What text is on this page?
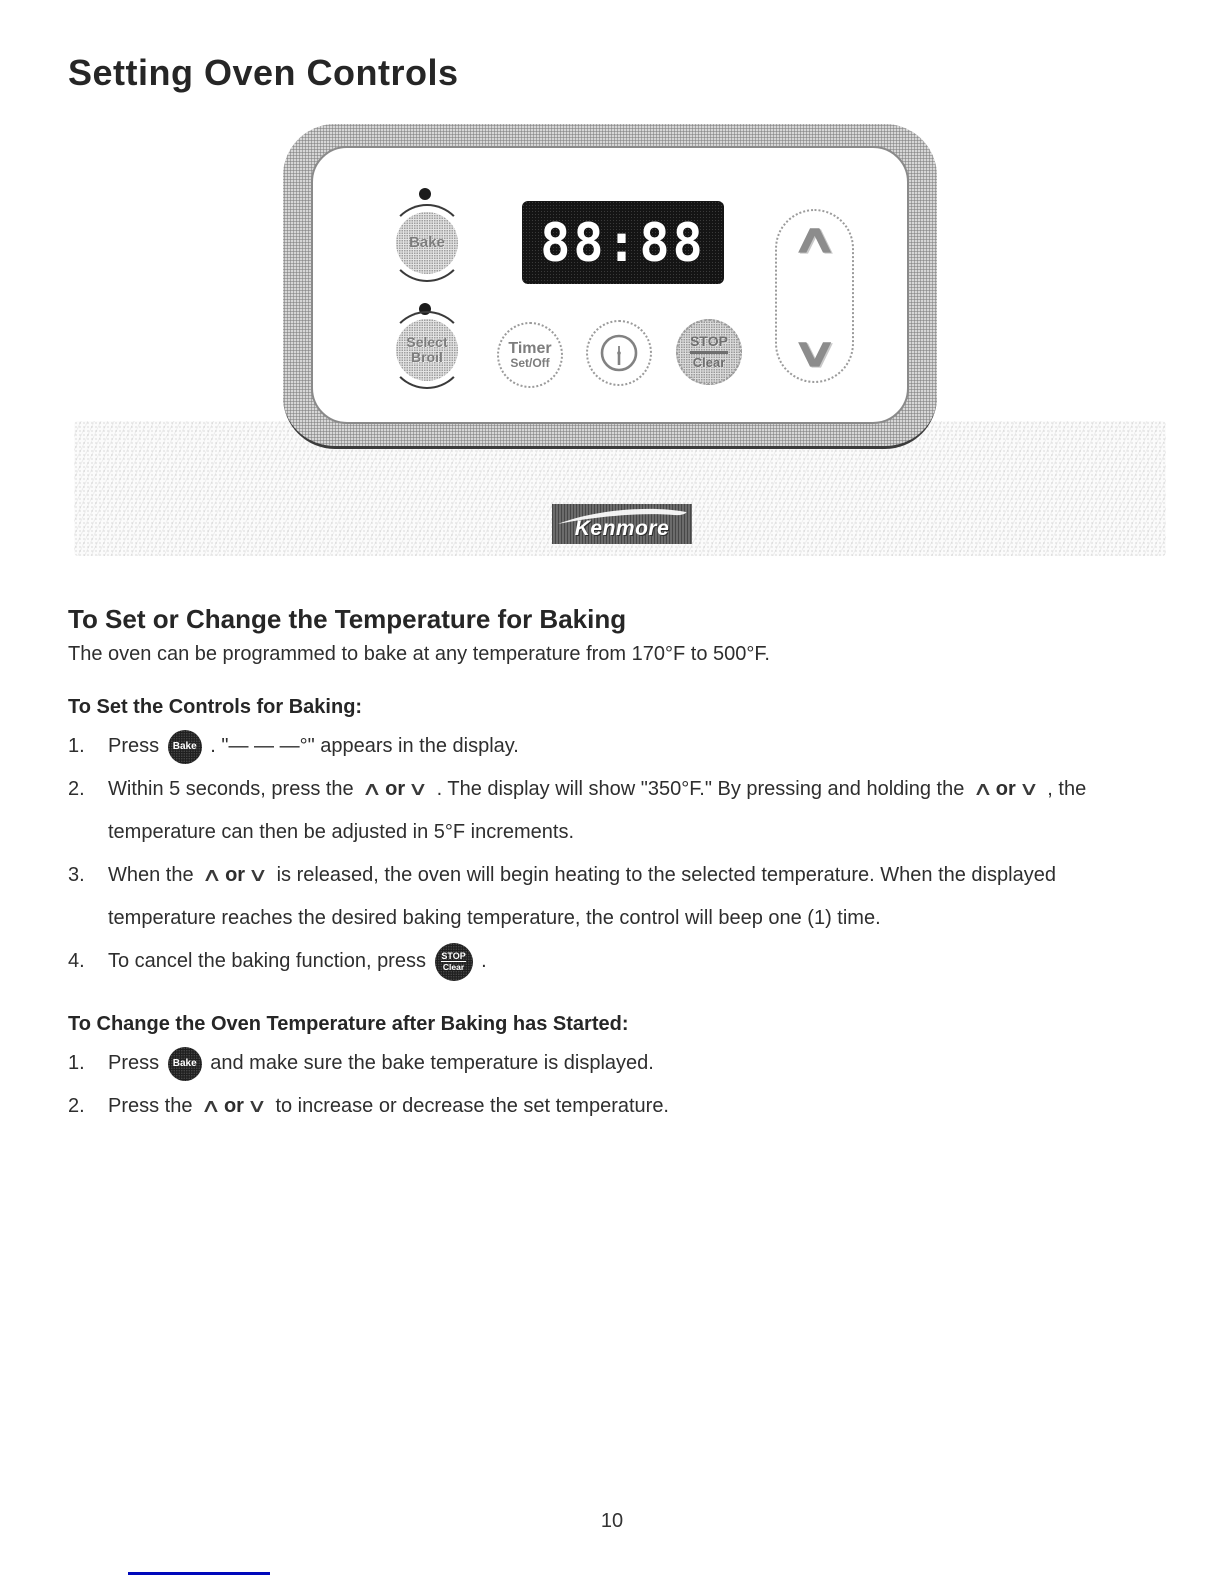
Setting Oven Controls
Bake
Select
Broil
88:88
Timer
Set/Off
STOP
Clear
∧
∨
Kenmore
To Set or Change the Temperature for Baking

The oven can be programmed to bake at any temperature from 170°F to 500°F.

To Set the Controls for Baking:
1.	Press Bake . "— — —°" appears in the display.
2.	Within 5 seconds, press the ∧ or ∨ . The display will show "350°F." By pressing and holding the ∧ or ∨ , the temperature can then be adjusted in 5°F increments.
3.	When the ∧ or ∨ is released, the oven will begin heating to the selected temperature. When the displayed temperature reaches the desired baking temperature, the control will beep one (1) time.
4.	To cancel the baking function, press STOP
Clear .
To Change the Oven Temperature after Baking has Started:
1.	Press Bake and make sure the bake temperature is displayed.
2.	Press the ∧ or ∨ to increase or decrease the set temperature.
10
